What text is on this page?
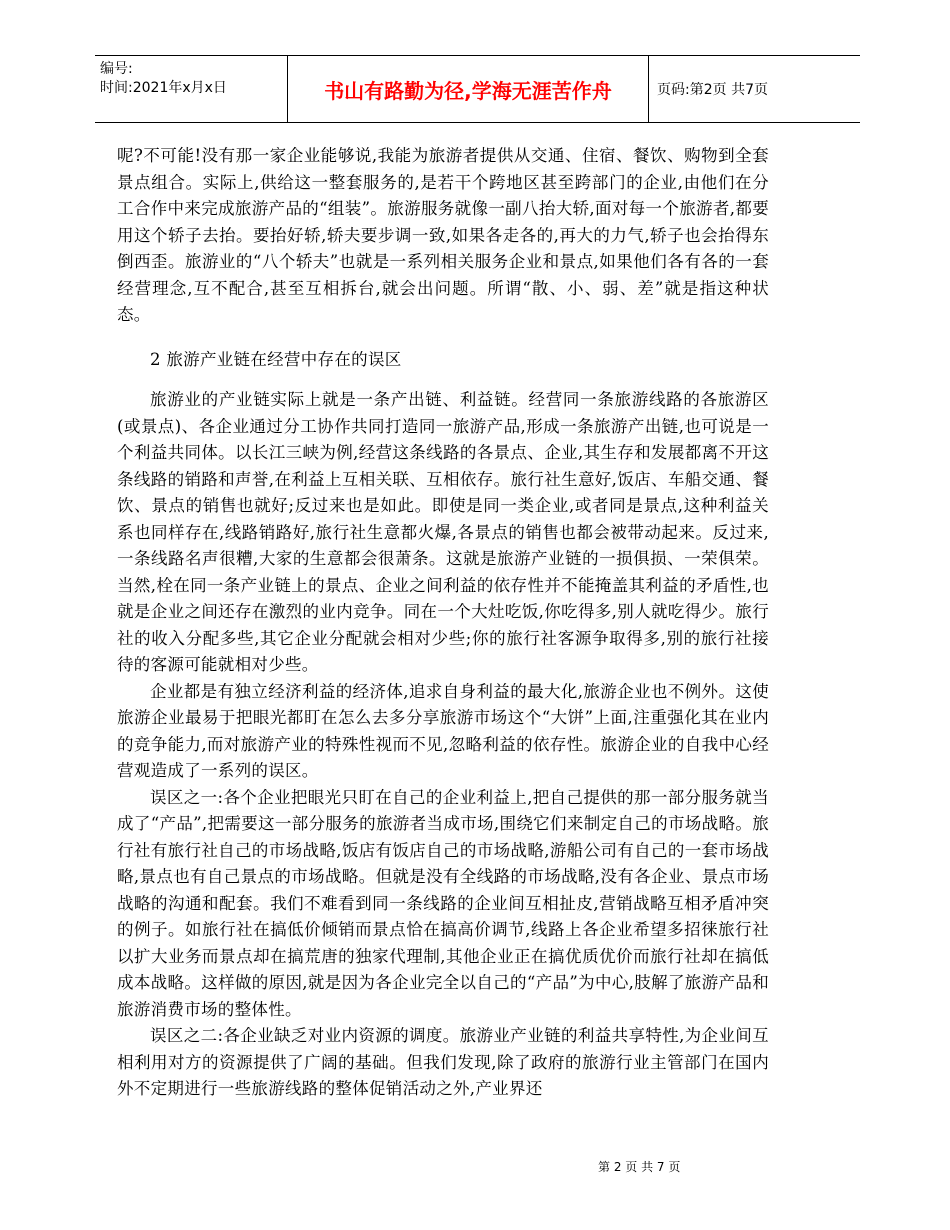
编号:
时间:2021年x月x日	书山有路勤为径,学海无涯苦作舟	页码:第2页 共7页

呢?不可能!没有那一家企业能够说,我能为旅游者提供从交通、住宿、餐饮、购物到全套景点组合。实际上,供给这一整套服务的,是若干个跨地区甚至跨部门的企业,由他们在分工合作中来完成旅游产品的“组装”。旅游服务就像一副八抬大轿,面对每一个旅游者,都要用这个轿子去抬。要抬好轿,轿夫要步调一致,如果各走各的,再大的力气,轿子也会抬得东倒西歪。旅游业的“八个轿夫”也就是一系列相关服务企业和景点,如果他们各有各的一套经营理念,互不配合,甚至互相拆台,就会出问题。所谓“散、小、弱、差”就是指这种状态。

2 旅游产业链在经营中存在的误区

旅游业的产业链实际上就是一条产出链、利益链。经营同一条旅游线路的各旅游区(或景点)、各企业通过分工协作共同打造同一旅游产品,形成一条旅游产出链,也可说是一个利益共同体。以长江三峡为例,经营这条线路的各景点、企业,其生存和发展都离不开这条线路的销路和声誉,在利益上互相关联、互相依存。旅行社生意好,饭店、车船交通、餐饮、景点的销售也就好;反过来也是如此。即使是同一类企业,或者同是景点,这种利益关系也同样存在,线路销路好,旅行社生意都火爆,各景点的销售也都会被带动起来。反过来,一条线路名声很糟,大家的生意都会很萧条。这就是旅游产业链的一损俱损、一荣俱荣。当然,栓在同一条产业链上的景点、企业之间利益的依存性并不能掩盖其利益的矛盾性,也就是企业之间还存在激烈的业内竞争。同在一个大灶吃饭,你吃得多,别人就吃得少。旅行社的收入分配多些,其它企业分配就会相对少些;你的旅行社客源争取得多,别的旅行社接待的客源可能就相对少些。

企业都是有独立经济利益的经济体,追求自身利益的最大化,旅游企业也不例外。这使旅游企业最易于把眼光都盯在怎么去多分享旅游市场这个“大饼”上面,注重强化其在业内的竞争能力,而对旅游产业的特殊性视而不见,忽略利益的依存性。旅游企业的自我中心经营观造成了一系列的误区。

误区之一:各个企业把眼光只盯在自己的企业利益上,把自己提供的那一部分服务就当成了“产品”,把需要这一部分服务的旅游者当成市场,围绕它们来制定自己的市场战略。旅行社有旅行社自己的市场战略,饭店有饭店自己的市场战略,游船公司有自己的一套市场战略,景点也有自己景点的市场战略。但就是没有全线路的市场战略,没有各企业、景点市场战略的沟通和配套。我们不难看到同一条线路的企业间互相扯皮,营销战略互相矛盾冲突的例子。如旅行社在搞低价倾销而景点恰在搞高价调节,线路上各企业希望多招徕旅行社以扩大业务而景点却在搞荒唐的独家代理制,其他企业正在搞优质优价而旅行社却在搞低成本战略。这样做的原因,就是因为各企业完全以自己的“产品”为中心,肢解了旅游产品和旅游消费市场的整体性。

误区之二:各企业缺乏对业内资源的调度。旅游业产业链的利益共享特性,为企业间互相利用对方的资源提供了广阔的基础。但我们发现,除了政府的旅游行业主管部门在国内外不定期进行一些旅游线路的整体促销活动之外,产业界还

第 2 页 共 7 页
